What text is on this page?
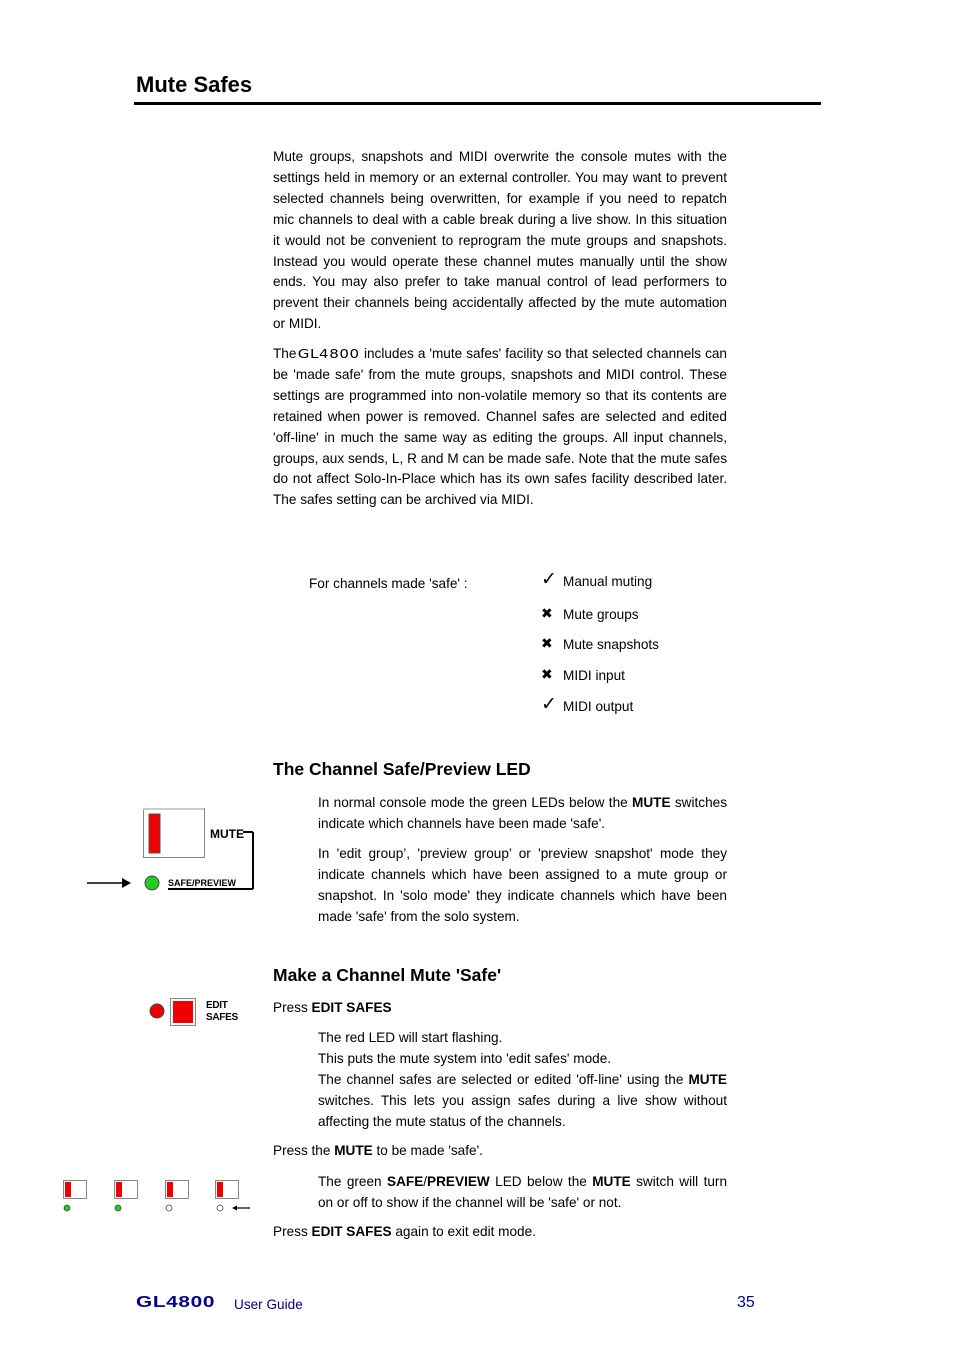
Mute Safes

Mute groups, snapshots and MIDI overwrite the console mutes with the settings held in memory or an external controller. You may want to prevent selected channels being overwritten, for example if you need to repatch mic channels to deal with a cable break during a live show. In this situation it would not be convenient to reprogram the mute groups and snapshots. Instead you would operate these channel mutes manually until the show ends. You may also prefer to take manual control of lead performers to prevent their channels being accidentally affected by the mute automation or MIDI.

The GL4800 includes a 'mute safes' facility so that selected channels can be 'made safe' from the mute groups, snapshots and MIDI control. These settings are programmed into non-volatile memory so that its contents are retained when power is removed. Channel safes are selected and edited 'off-line' in much the same way as editing the groups. All input channels, groups, aux sends, L, R and M can be made safe. Note that the mute safes do not affect Solo-In-Place which has its own safes facility described later. The safes setting can be archived via MIDI.

For channels made 'safe' :	✓ Manual muting
✖ Mute groups
✖ Mute snapshots
✖ MIDI input
✓ MIDI output
The Channel Safe/Preview LED

In normal console mode the green LEDs below the MUTE switches indicate which channels have been made 'safe'.

In 'edit group’, 'preview group’ or 'preview snapshot' mode they indicate channels which have been assigned to a mute group or snapshot. In 'solo mode' they indicate channels which have been made 'safe' from the solo system.

MUTE
SAFE/PREVIEW
Make a Channel Mute 'Safe'
EDIT
SAFES
Press EDIT SAFES
The red LED will start flashing.
This puts the mute system into 'edit safes' mode.
The channel safes are selected or edited 'off-line' using the MUTE switches. This lets you assign safes during a live show without affecting the mute status of the channels.
Press the MUTE to be made 'safe'.
The green SAFE/PREVIEW LED below the MUTE switch will turn on or off to show if the channel will be 'safe' or not.
Press EDIT SAFES again to exit edit mode.
GL4800 User Guide	35
